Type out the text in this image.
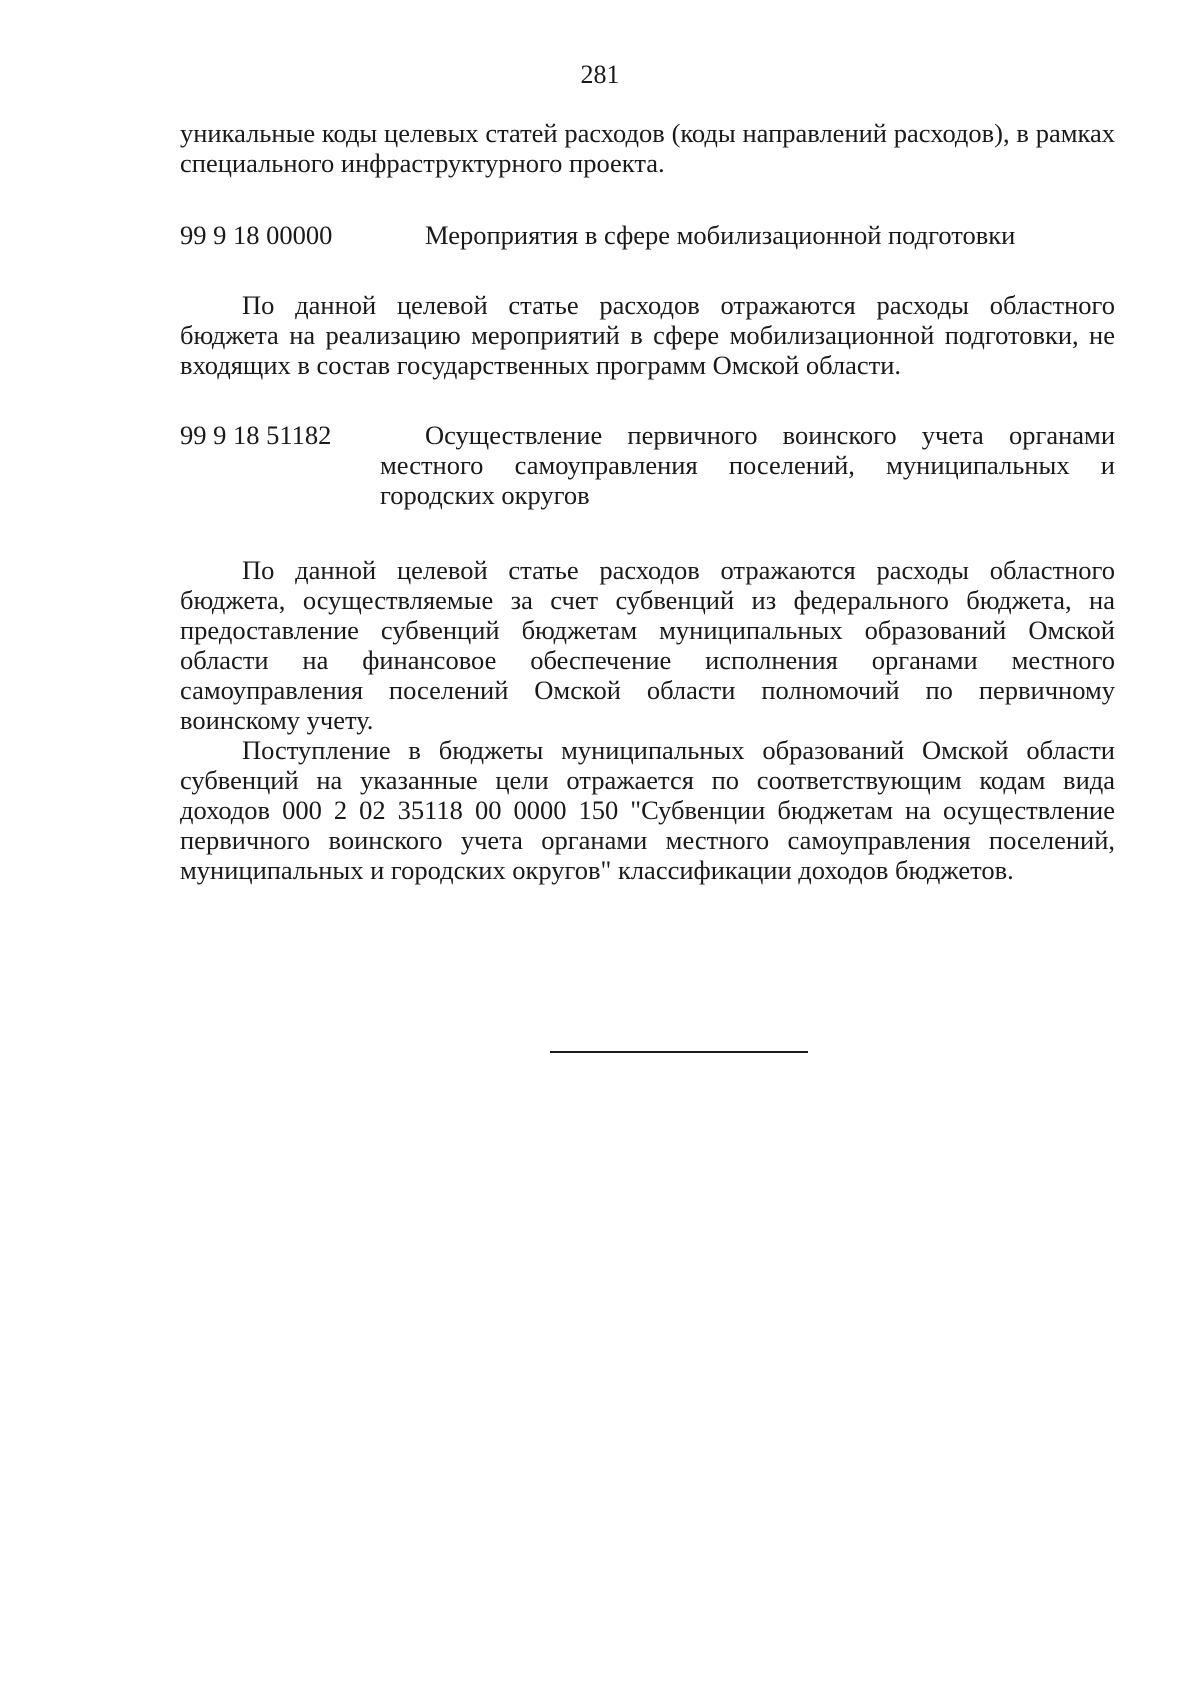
281

уникальные коды целевых статей расходов (коды направлений расходов), в рамках специального инфраструктурного проекта.

99 9 18 00000	Мероприятия в сфере мобилизационной подготовки

По данной целевой статье расходов отражаются расходы областного бюджета на реализацию мероприятий в сфере мобилизационной подготовки, не входящих в состав государственных программ Омской области.

99 9 18 51182	Осуществление первичного воинского учета органами местного самоуправления поселений, муниципальных и городских округов

По данной целевой статье расходов отражаются расходы областного бюджета, осуществляемые за счет субвенций из федерального бюджета, на предоставление субвенций бюджетам муниципальных образований Омской области на финансовое обеспечение исполнения органами местного самоуправления поселений Омской области полномочий по первичному воинскому учету.

Поступление в бюджеты муниципальных образований Омской области субвенций на указанные цели отражается по соответствующим кодам вида доходов 000 2 02 35118 00 0000 150 "Субвенции бюджетам на осуществление первичного воинского учета органами местного самоуправления поселений, муниципальных и городских округов" классификации доходов бюджетов.
